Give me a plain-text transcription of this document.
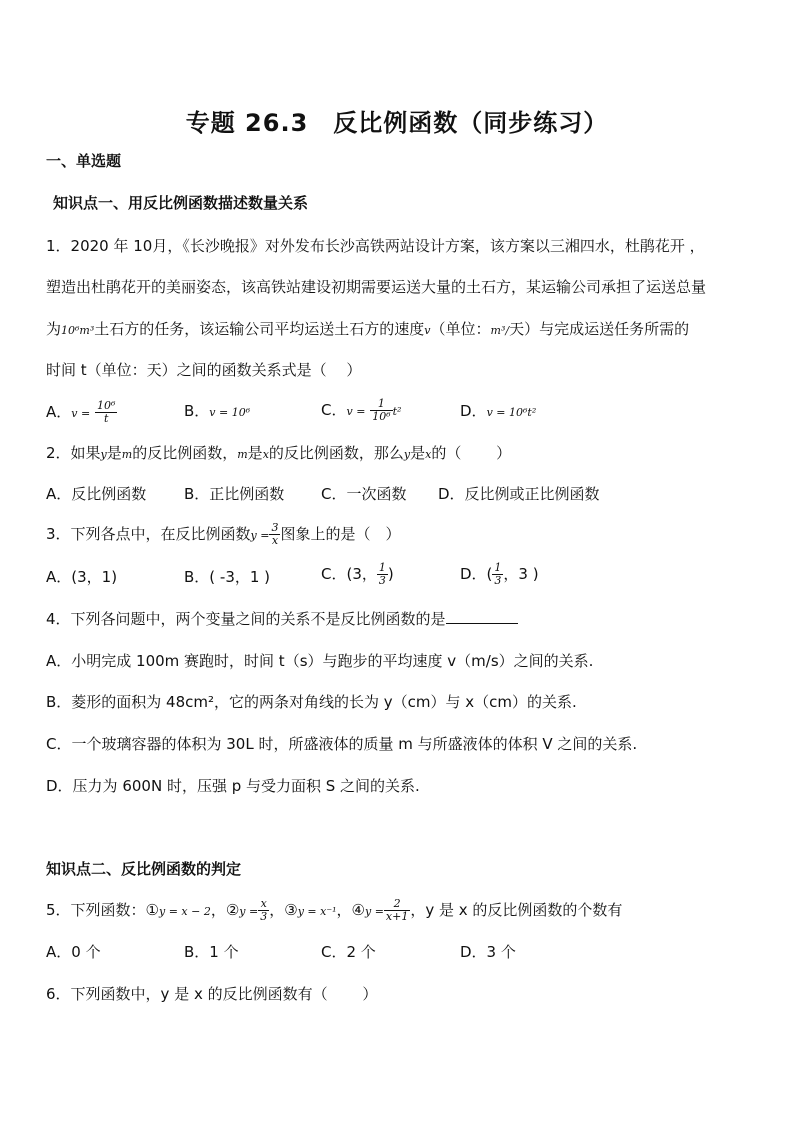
专题 26.3　反比例函数（同步练习）
一、单选题
知识点一、用反比例函数描述数量关系
1．2020 年 10月，《长沙晚报》对外发布长沙高铁两站设计方案，该方案以三湘四水，杜鹃花开 ，
塑造出杜鹃花开的美丽姿态，该高铁站建设初期需要运送大量的土石方，某运输公司承担了运送总量
为10⁶m³土石方的任务，该运输公司平均运送土石方的速度v（单位：m³/天）与完成运送任务所需的
时间 t（单位：天）之间的函数关系式是（　 ）
A．$v = \frac{\text{10⁶}}{t}$	B．v = 10⁶	C．$v = \frac{1}{\text{10⁶}} t^2$	D．v = 10⁶t²
2．如果y是m的反比例函数，m是x的反比例函数，那么y是x的（　　 ）
A．反比例函数	B．正比例函数 C．一次函数 D．反比例或正比例函数
3．下列各点中，在反比例函数$y = \frac{3}{x}$ 图象上的是（　）
A．(3，1)	B．( -3，1 )	C．(3， $\frac{1}{3}$ )	D．( $\frac{1}{3}$ ，3 )
4．下列各问题中，两个变量之间的关系不是反比例函数的是
A．小明完成 100m 赛跑时，时间 t（s）与跑步的平均速度 v（m/s）之间的关系.
B．菱形的面积为 48cm²，它的两条对角线的长为 y（cm）与 x（cm）的关系.
C．一个玻璃容器的体积为 30L 时，所盛液体的质量 m 与所盛液体的体积 V 之间的关系.
D．压力为 600N 时，压强 p 与受力面积 S 之间的关系.
知识点二、反比例函数的判定
5．下列函数：①y = x − 2，②y = $\frac{x}{3}$ ，③y = x⁻¹，④y = $\frac{2}{x+1}$ ，y 是 x 的反比例函数的个数有
A．0 个	B．1 个	C．2 个	D．3 个
6．下列函数中，y 是 x 的反比例函数有（　　 ）
